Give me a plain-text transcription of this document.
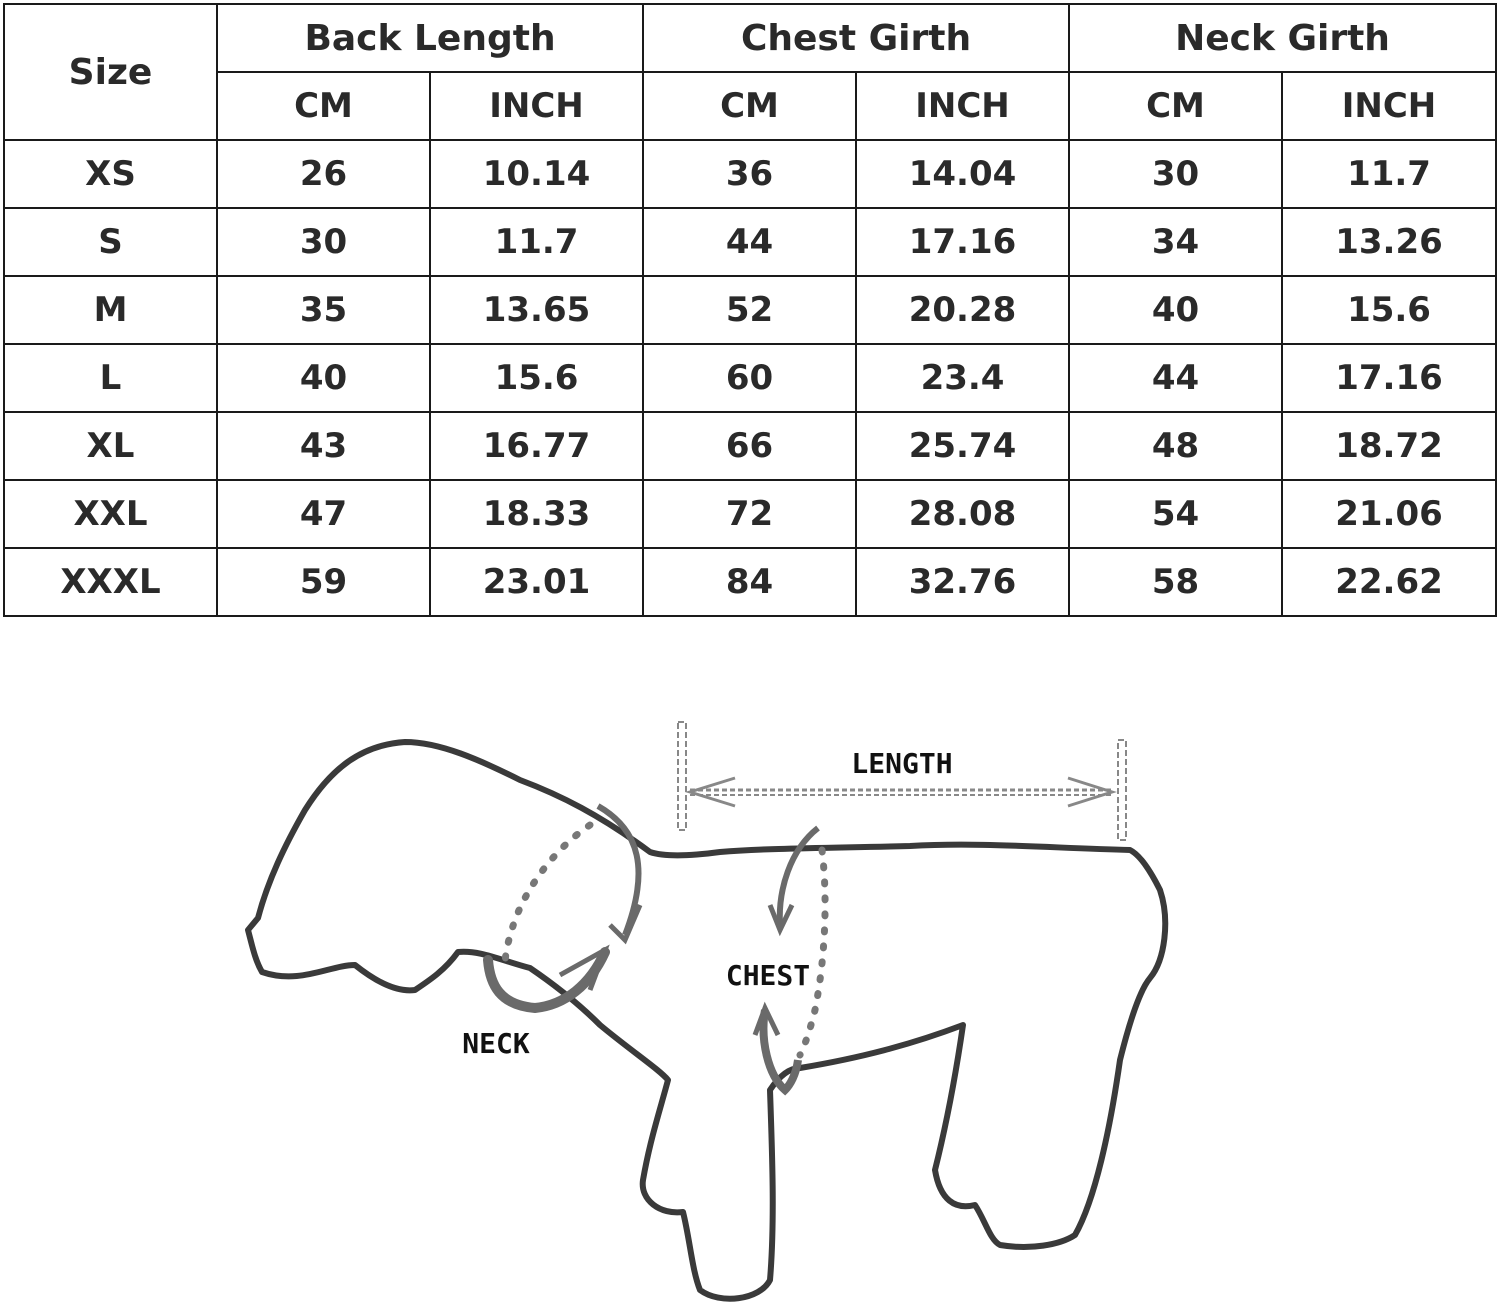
Size	Back Length		Chest Girth		Neck Girth	
	CM	INCH	CM	INCH	CM	INCH
XS	26	10.14	36	14.04	30	11.7
S	30	11.7	44	17.16	34	13.26
M	35	13.65	52	20.28	40	15.6
L	40	15.6	60	23.4	44	17.16
XL	43	16.77	66	25.74	48	18.72
XXL	47	18.33	72	28.08	54	21.06
XXXL	59	23.01	84	32.76	58	22.62
LENGTH
CHEST
NECK
